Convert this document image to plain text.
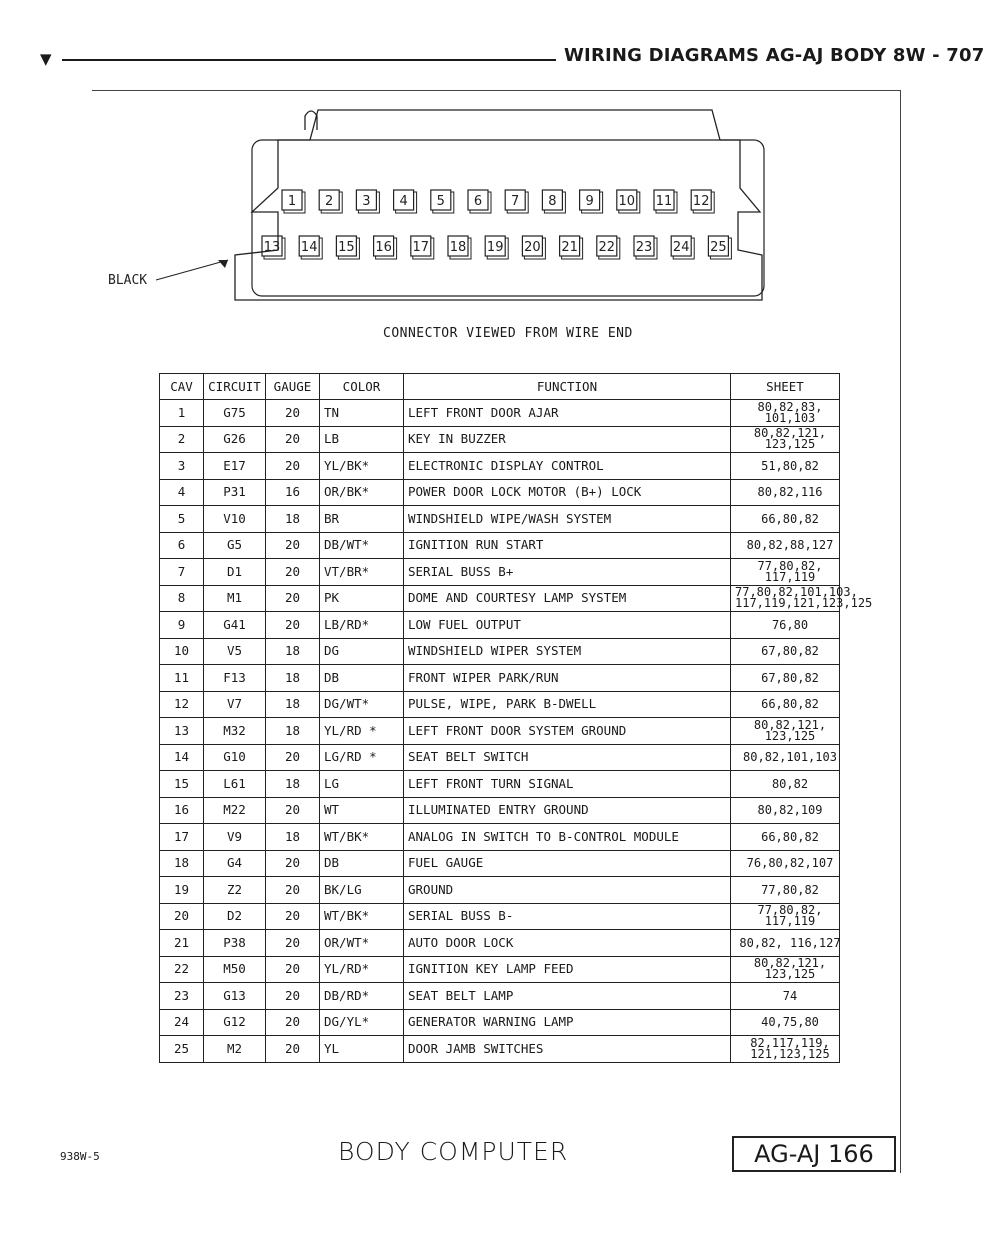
▼	WIRING DIAGRAMS AG-AJ BODY 8W - 707
BLACK
1 2 3 4 5 6 7 8 9 10 11 12
13 14 15 16 17 18 19 20 21 22 23 24 25
CONNECTOR VIEWED FROM WIRE END
CAV	CIRCUIT	GAUGE	COLOR	FUNCTION	SHEET
1	G75	20	TN	LEFT FRONT DOOR AJAR	80,82,83, 101,103
2	G26	20	LB	KEY IN BUZZER	80,82,121, 123,125
3	E17	20	YL/BK*	ELECTRONIC DISPLAY CONTROL	51,80,82
4	P31	16	OR/BK*	POWER DOOR LOCK MOTOR (B+) LOCK	80,82,116
5	V10	18	BR	WINDSHIELD WIPE/WASH SYSTEM	66,80,82
6	G5	20	DB/WT*	IGNITION RUN START	80,82,88,127
7	D1	20	VT/BR*	SERIAL BUSS B+	77,80,82, 117,119
8	M1	20	PK	DOME AND COURTESY LAMP SYSTEM	77,80,82,101,103, 117,119,121,123,125
9	G41	20	LB/RD*	LOW FUEL OUTPUT	76,80
10	V5	18	DG	WINDSHIELD WIPER SYSTEM	67,80,82
11	F13	18	DB	FRONT WIPER PARK/RUN	67,80,82
12	V7	18	DG/WT*	PULSE, WIPE, PARK B-DWELL	66,80,82
13	M32	18	YL/RD *	LEFT FRONT DOOR SYSTEM GROUND	80,82,121, 123,125
14	G10	20	LG/RD *	SEAT BELT SWITCH	80,82,101,103
15	L61	18	LG	LEFT FRONT TURN SIGNAL	80,82
16	M22	20	WT	ILLUMINATED ENTRY GROUND	80,82,109
17	V9	18	WT/BK*	ANALOG IN SWITCH TO B-CONTROL MODULE	66,80,82
18	G4	20	DB	FUEL GAUGE	76,80,82,107
19	Z2	20	BK/LG	GROUND	77,80,82
20	D2	20	WT/BK*	SERIAL BUSS B-	77,80,82, 117,119
21	P38	20	OR/WT*	AUTO DOOR LOCK	80,82, 116,127
22	M50	20	YL/RD*	IGNITION KEY LAMP FEED	80,82,121, 123,125
23	G13	20	DB/RD*	SEAT BELT LAMP	74
24	G12	20	DG/YL*	GENERATOR WARNING LAMP	40,75,80
25	M2	20	YL	DOOR JAMB SWITCHES	82,117,119, 121,123,125
938W-5	BODY COMPUTER	AG-AJ 166
